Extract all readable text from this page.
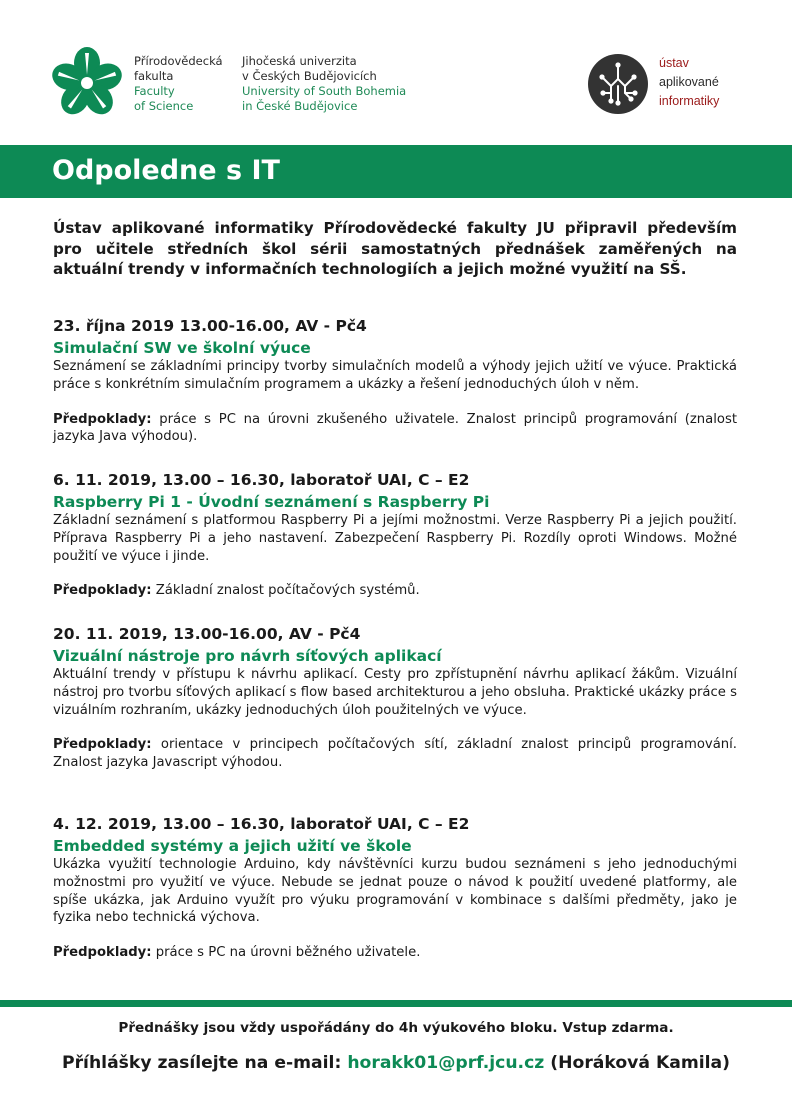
Přírodovědecká
fakulta
Faculty
of Science
Jihočeská univerzita
v Českých Budějovicích
University of South Bohemia
in České Budějovice
ústav
aplikované
informatiky
Odpoledne s IT
Ústav aplikované informatiky Přírodovědecké fakulty JU připravil především pro učitele středních škol sérii samostatných přednášek zaměřených na aktuální trendy v informačních technologiích a jejich možné využití na SŠ.
23. října 2019 13.00-16.00, AV - Pč4
Simulační SW ve školní výuce
Seznámení se základními principy tvorby simulačních modelů a výhody jejich užití ve výuce. Praktická práce s konkrétním simulačním programem a ukázky a řešení jednoduchých úloh v něm.
Předpoklady: práce s PC na úrovni zkušeného uživatele. Znalost principů programování (znalost jazyka Java výhodou).
6. 11. 2019, 13.00 – 16.30, laboratoř UAI, C – E2
Raspberry Pi 1 - Úvodní seznámení s Raspberry Pi
Základní seznámení s platformou Raspberry Pi a jejími možnostmi. Verze Raspberry Pi a jejich použití. Příprava Raspberry Pi a jeho nastavení. Zabezpečení Raspberry Pi. Rozdíly oproti Windows. Možné použití ve výuce i jinde.
Předpoklady: Základní znalost počítačových systémů.
20. 11. 2019, 13.00-16.00, AV - Pč4
Vizuální nástroje pro návrh síťových aplikací
Aktuální trendy v přístupu k návrhu aplikací. Cesty pro zpřístupnění návrhu aplikací žákům. Vizuální nástroj pro tvorbu síťových aplikací s flow based architekturou a jeho obsluha. Praktické ukázky práce s vizuálním rozhraním, ukázky jednoduchých úloh použitelných ve výuce.
Předpoklady: orientace v principech počítačových sítí, základní znalost principů programování. Znalost jazyka Javascript výhodou.
4. 12. 2019, 13.00 – 16.30, laboratoř UAI, C – E2
Embedded systémy a jejich užití ve škole
Ukázka využití technologie Arduino, kdy návštěvníci kurzu budou seznámeni s jeho jednoduchými možnostmi pro využití ve výuce. Nebude se jednat pouze o návod k použití uvedené platformy, ale spíše ukázka, jak Arduino využít pro výuku programování v kombinace s dalšími předměty, jako je fyzika nebo technická výchova.
Předpoklady: práce s PC na úrovni běžného uživatele.
Přednášky jsou vždy uspořádány do 4h výukového bloku. Vstup zdarma.
Příhlášky zasílejte na e-mail: horakk01@prf.jcu.cz (Horáková Kamila)
